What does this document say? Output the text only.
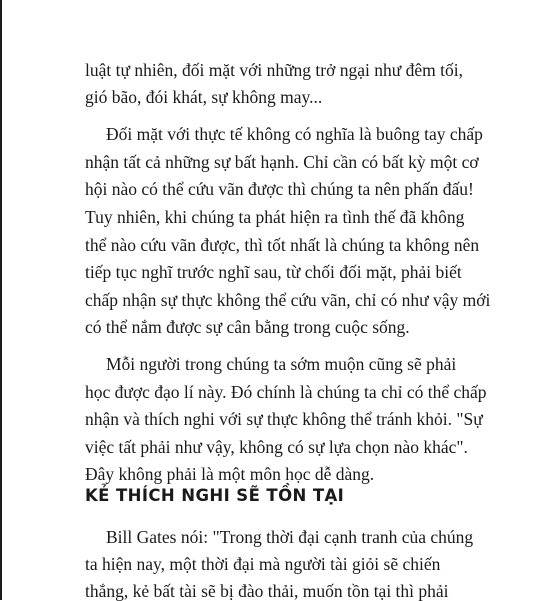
luật tự nhiên, đối mặt với những trở ngại như đêm tối,

gió bão, đói khát, sự không may...

Đối mặt với thực tế không có nghĩa là buông tay chấp

nhận tất cả những sự bất hạnh. Chỉ cần có bất kỳ một cơ

hội nào có thể cứu vãn được thì chúng ta nên phấn đấu!

Tuy nhiên, khi chúng ta phát hiện ra tình thế đã không

thể nào cứu vãn được, thì tốt nhất là chúng ta không nên

tiếp tục nghĩ trước nghĩ sau, từ chối đối mặt, phải biết

chấp nhận sự thực không thể cứu vãn, chỉ có như vậy mới

có thể nắm được sự cân bằng trong cuộc sống.

Mỗi người trong chúng ta sớm muộn cũng sẽ phải

học được đạo lí này. Đó chính là chúng ta chỉ có thể chấp

nhận và thích nghi với sự thực không thể tránh khỏi. "Sự

việc tất phải như vậy, không có sự lựa chọn nào khác".

Đây không phải là một môn học dễ dàng.

KẺ THÍCH NGHI SẼ TỒN TẠI

Bill Gates nói: "Trong thời đại cạnh tranh của chúng

ta hiện nay, một thời đại mà người tài giỏi sẽ chiến

thắng, kẻ bất tài sẽ bị đào thải, muốn tồn tại thì phải
